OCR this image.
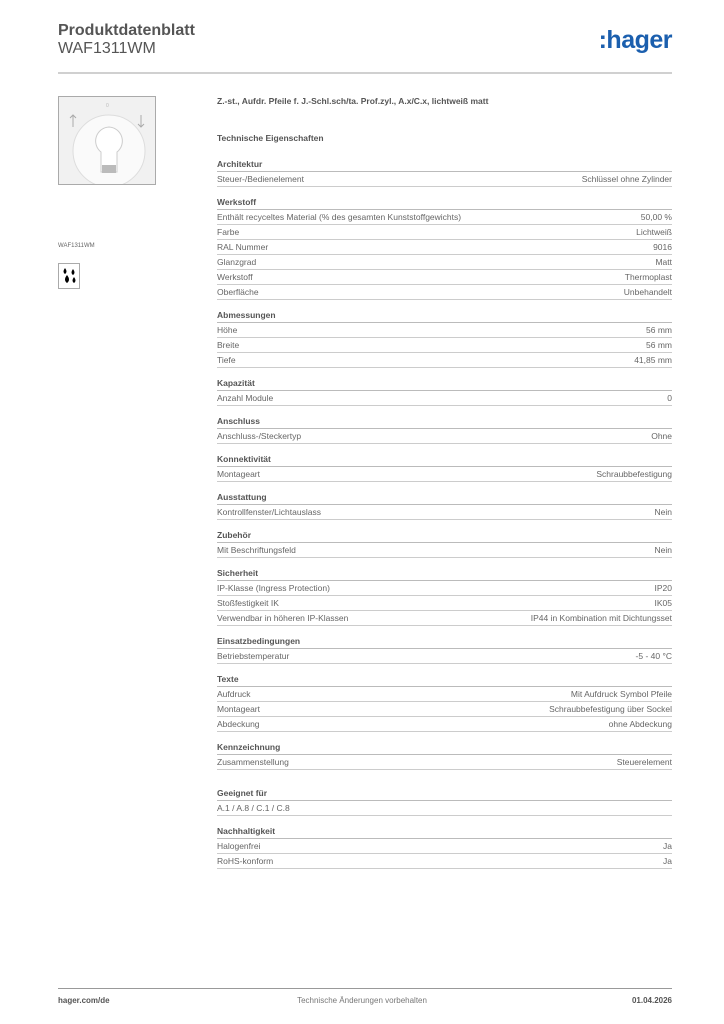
Produktdatenblatt
WAF1311WM	:hager
0
WAF1311WM
Z.-st., Aufdr. Pfeile f. J.-Schl.sch/ta. Prof.zyl., A.x/C.x, lichtweiß matt
Technische Eigenschaften
Architektur
Steuer-/Bedienelement	Schlüssel ohne Zylinder
Werkstoff
Enthält recyceltes Material (% des gesamten Kunststoffgewichts)	50,00 %
Farbe	Lichtweiß
RAL Nummer	9016
Glanzgrad	Matt
Werkstoff	Thermoplast
Oberfläche	Unbehandelt
Abmessungen
Höhe	56 mm
Breite	56 mm
Tiefe	41,85 mm
Kapazität
Anzahl Module	0
Anschluss
Anschluss-/Steckertyp	Ohne
Konnektivität
Montageart	Schraubbefestigung
Ausstattung
Kontrollfenster/Lichtauslass	Nein
Zubehör
Mit Beschriftungsfeld	Nein
Sicherheit
IP-Klasse (Ingress Protection)	IP20
Stoßfestigkeit IK	IK05
Verwendbar in höheren IP-Klassen	IP44 in Kombination mit Dichtungsset
Einsatzbedingungen
Betriebstemperatur	-5 - 40 °C
Texte
Aufdruck	Mit Aufdruck Symbol Pfeile
Montageart	Schraubbefestigung über Sockel
Abdeckung	ohne Abdeckung
Kennzeichnung
Zusammenstellung	Steuerelement
Geeignet für
A.1 / A.8 / C.1 / C.8
Nachhaltigkeit
Halogenfrei	Ja
RoHS-konform	Ja
hager.com/de	Technische Änderungen vorbehalten	01.04.2026
